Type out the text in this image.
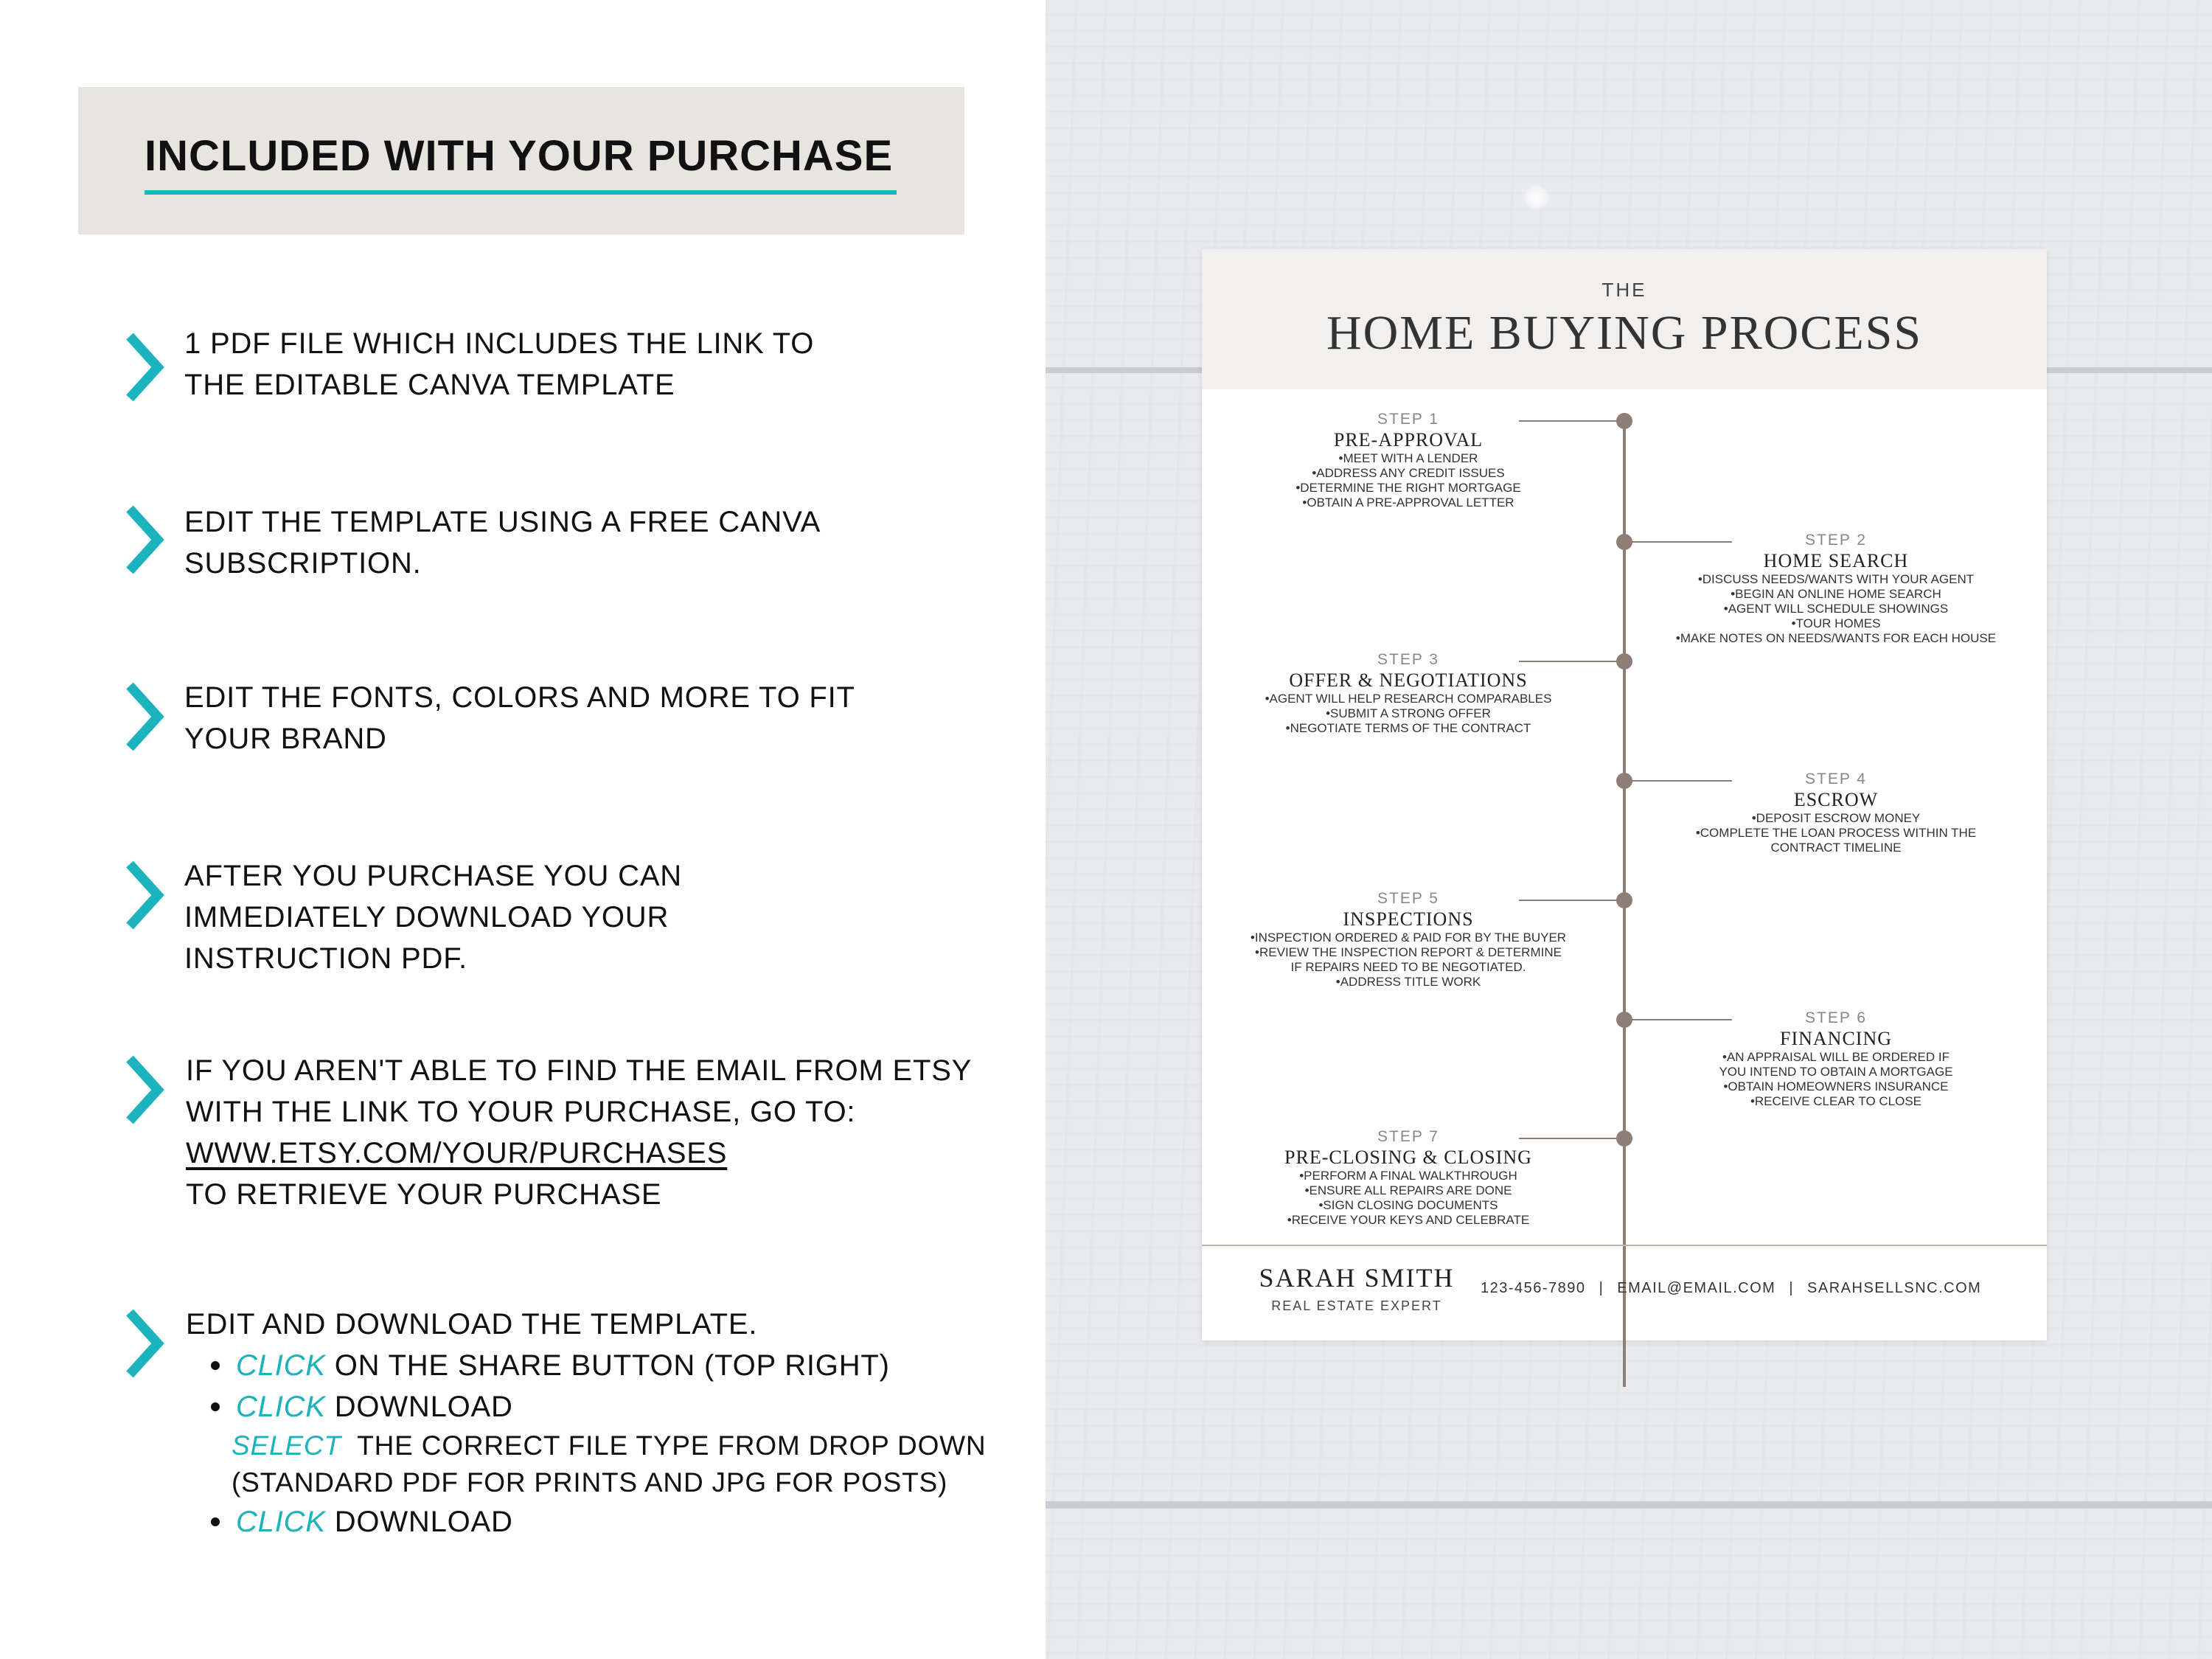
INCLUDED WITH YOUR PURCHASE
1 PDF FILE WHICH INCLUDES THE LINK TO
THE EDITABLE CANVA TEMPLATE
EDIT THE TEMPLATE USING A FREE CANVA
SUBSCRIPTION.
EDIT THE FONTS, COLORS AND MORE TO FIT
YOUR BRAND
AFTER YOU PURCHASE YOU CAN
IMMEDIATELY DOWNLOAD YOUR
INSTRUCTION PDF.
IF YOU AREN'T ABLE TO FIND THE EMAIL FROM ETSY
WITH THE LINK TO YOUR PURCHASE, GO TO:
WWW.ETSY.COM/YOUR/PURCHASES
TO RETRIEVE YOUR PURCHASE
EDIT AND DOWNLOAD THE TEMPLATE.
CLICK ON THE SHARE BUTTON (TOP RIGHT)
CLICK DOWNLOAD
SELECT  THE CORRECT FILE TYPE FROM DROP DOWN
(STANDARD PDF FOR PRINTS AND JPG FOR POSTS)
CLICK DOWNLOAD
THE
HOME BUYING PROCESS
STEP 1
PRE-APPROVAL
•MEET WITH A LENDER
•ADDRESS ANY CREDIT ISSUES
•DETERMINE THE RIGHT MORTGAGE
•OBTAIN A PRE-APPROVAL LETTER
STEP 2
HOME SEARCH
•DISCUSS NEEDS/WANTS WITH YOUR AGENT
•BEGIN AN ONLINE HOME SEARCH
•AGENT WILL SCHEDULE SHOWINGS
•TOUR HOMES
•MAKE NOTES ON NEEDS/WANTS FOR EACH HOUSE
STEP 3
OFFER & NEGOTIATIONS
•AGENT WILL HELP RESEARCH COMPARABLES
•SUBMIT A STRONG OFFER
•NEGOTIATE TERMS OF THE CONTRACT
STEP 4
ESCROW
•DEPOSIT ESCROW MONEY
•COMPLETE THE LOAN PROCESS WITHIN THE
CONTRACT TIMELINE
STEP 5
INSPECTIONS
•INSPECTION ORDERED & PAID FOR BY THE BUYER
•REVIEW THE INSPECTION REPORT & DETERMINE
IF REPAIRS NEED TO BE NEGOTIATED.
•ADDRESS TITLE WORK
STEP 6
FINANCING
•AN APPRAISAL WILL BE ORDERED IF
YOU INTEND TO OBTAIN A MORTGAGE
•OBTAIN HOMEOWNERS INSURANCE
•RECEIVE CLEAR TO CLOSE
STEP 7
PRE-CLOSING & CLOSING
•PERFORM A FINAL WALKTHROUGH
•ENSURE ALL REPAIRS ARE DONE
•SIGN CLOSING DOCUMENTS
•RECEIVE YOUR KEYS AND CELEBRATE
SARAH SMITH
REAL ESTATE EXPERT
123-456-7890 | EMAIL@EMAIL.COM | SARAHSELLSNC.COM
